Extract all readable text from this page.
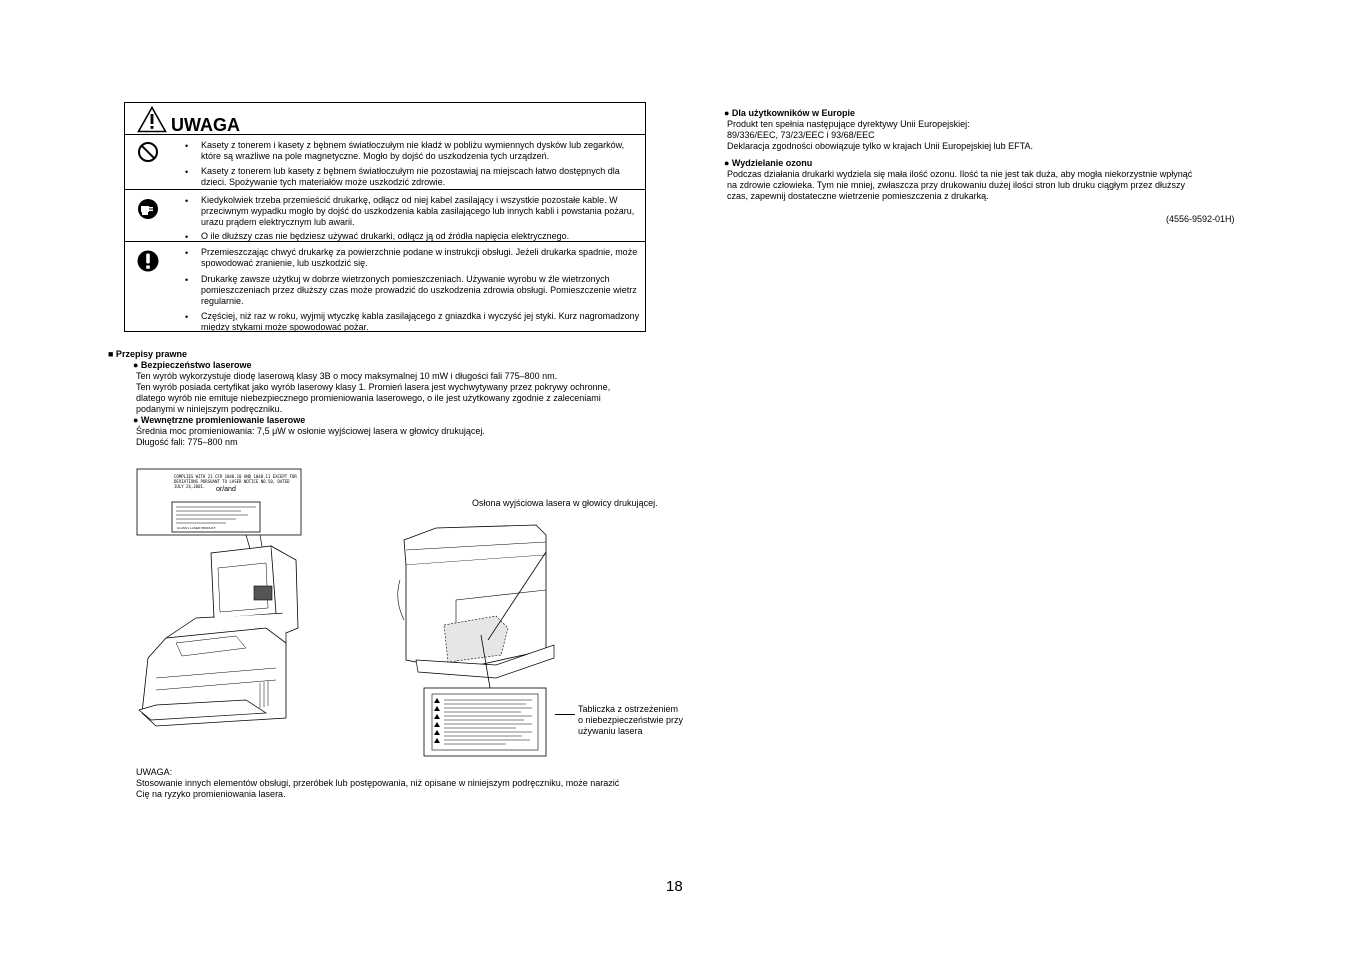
UWAGA
•	Kasety z tonerem i kasety z bębnem światłoczułym nie kładź w pobliżu wymiennych dysków lub zegarków, które są wrażliwe na pole magnetyczne. Mogło by dojść do uszkodzenia tych urządzeń.
•	Kasety z tonerem lub kasety z bębnem światłoczułym nie pozostawiaj na miejscach łatwo dostępnych dla dzieci. Spożywanie tych materiałów może uszkodzić zdrowie.
•	Kiedykolwiek trzeba przemieścić drukarkę, odłącz od niej kabel zasilający i wszystkie pozostałe kable. W przeciwnym wypadku mogło by dojść do uszkodzenia kabla zasilającego lub innych kabli i powstania pożaru, urazu prądem elektrycznym lub awarii.
•	O ile dłuższy czas nie będziesz używać drukarki, odłącz ją od źródła napięcia elektrycznego.
•	Przemieszczając chwyć drukarkę za powierzchnie podane w instrukcji obsługi. Jeżeli drukarka spadnie, może spowodować zranienie, lub uszkodzić się.
•	Drukarkę zawsze użytkuj w dobrze wietrzonych pomieszczeniach. Używanie wyrobu w źle wietrzonych pomieszczeniach przez dłuższy czas może prowadzić do uszkodzenia zdrowia obsługi. Pomieszczenie wietrz regularnie.
•	Częściej, niż raz w roku, wyjmij wtyczkę kabla zasilającego z gniazdka i wyczyść jej styki. Kurz nagromadzony między stykami może spowodować pożar.
■ Przepisy prawne
● Bezpieczeństwo laserowe
Ten wyrób wykorzystuje diodę laserową klasy 3B o mocy maksymalnej 10 mW i długości fali 775–800 nm.
Ten wyrób posiada certyfikat jako wyrób laserowy klasy 1. Promień lasera jest wychwytywany przez pokrywy ochronne,
dlatego wyrób nie emituje niebezpiecznego promieniowania laserowego, o ile jest użytkowany zgodnie z zaleceniami
podanymi w niniejszym podręczniku.
● Wewnętrzne promieniowanie laserowe
Średnia moc promieniowania: 7,5 μW w osłonie wyjściowej lasera w głowicy drukującej.
Długość fali: 775–800 nm
COMPLIES WITH 21 CFR 1040.10 AND 1040.11 EXCEPT FOR DEVIATIONS PURSUANT TO LASER NOTICE NO.50, DATED JULY 26,2001.	or/and
CLASS 1 LASER PRODUCT
Osłona wyjściowa lasera w głowicy drukującej.
Tabliczka z ostrzeżeniem
o niebezpieczeństwie przy
używaniu lasera
UWAGA:
Stosowanie innych elementów obsługi, przeróbek lub postępowania, niż opisane w niniejszym podręczniku, może narazić
Cię na ryzyko promieniowania lasera.
● Dla użytkowników w Europie
Produkt ten spełnia następujące dyrektywy Unii Europejskiej:
89/336/EEC, 73/23/EEC i 93/68/EEC
Deklaracja zgodności obowiązuje tylko w krajach Unii Europejskiej lub EFTA.
● Wydzielanie ozonu
Podczas działania drukarki wydziela się mała ilość ozonu. Ilość ta nie jest tak duża, aby mogła niekorzystnie wpłynąć
na zdrowie człowieka. Tym nie mniej, zwłaszcza przy drukowaniu dużej ilości stron lub druku ciągłym przez dłuższy
czas, zapewnij dostateczne wietrzenie pomieszczenia z drukarką.
(4556-9592-01H)
18
